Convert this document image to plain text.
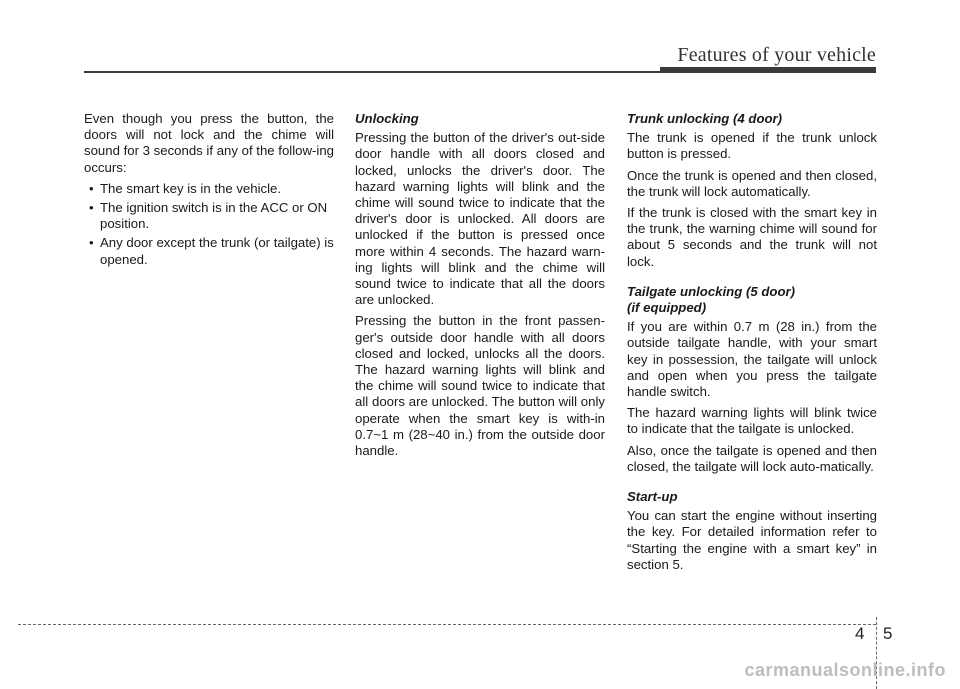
Features of your vehicle

Even though you press the button, the doors will not lock and the chime will sound for 3 seconds if any of the follow-ing occurs:

• The smart key is in the vehicle.
• The ignition switch is in the ACC or ON position.
• Any door except the trunk (or tailgate) is opened.
Unlocking

Pressing the button of the driver's out-side door handle with all doors closed and locked, unlocks the driver's door. The hazard warning lights will blink and the chime will sound twice to indicate that the driver's door is unlocked. All doors are unlocked if the button is pressed once more within 4 seconds. The hazard warn-ing lights will blink and the chime will sound twice to indicate that all the doors are unlocked.

Pressing the button in the front passen-ger's outside door handle with all doors closed and locked, unlocks all the doors. The hazard warning lights will blink and the chime will sound twice to indicate that all doors are unlocked. The button will only operate when the smart key is with-in 0.7~1 m (28~40 in.) from the outside door handle.

Trunk unlocking (4 door)

The trunk is opened if the trunk unlock button is pressed.

Once the trunk is opened and then closed, the trunk will lock automatically.

If the trunk is closed with the smart key in the trunk, the warning chime will sound for about 5 seconds and the trunk will not lock.

Tailgate unlocking (5 door)
(if equipped)

If you are within 0.7 m (28 in.) from the outside tailgate handle, with your smart key in possession, the tailgate will unlock and open when you press the tailgate handle switch.

The hazard warning lights will blink twice to indicate that the tailgate is unlocked.

Also, once the tailgate is opened and then closed, the tailgate will lock auto-matically.

Start-up

You can start the engine without inserting the key. For detailed information refer to “Starting the engine with a smart key” in section 5.

4 5
carmanualsonline.info
